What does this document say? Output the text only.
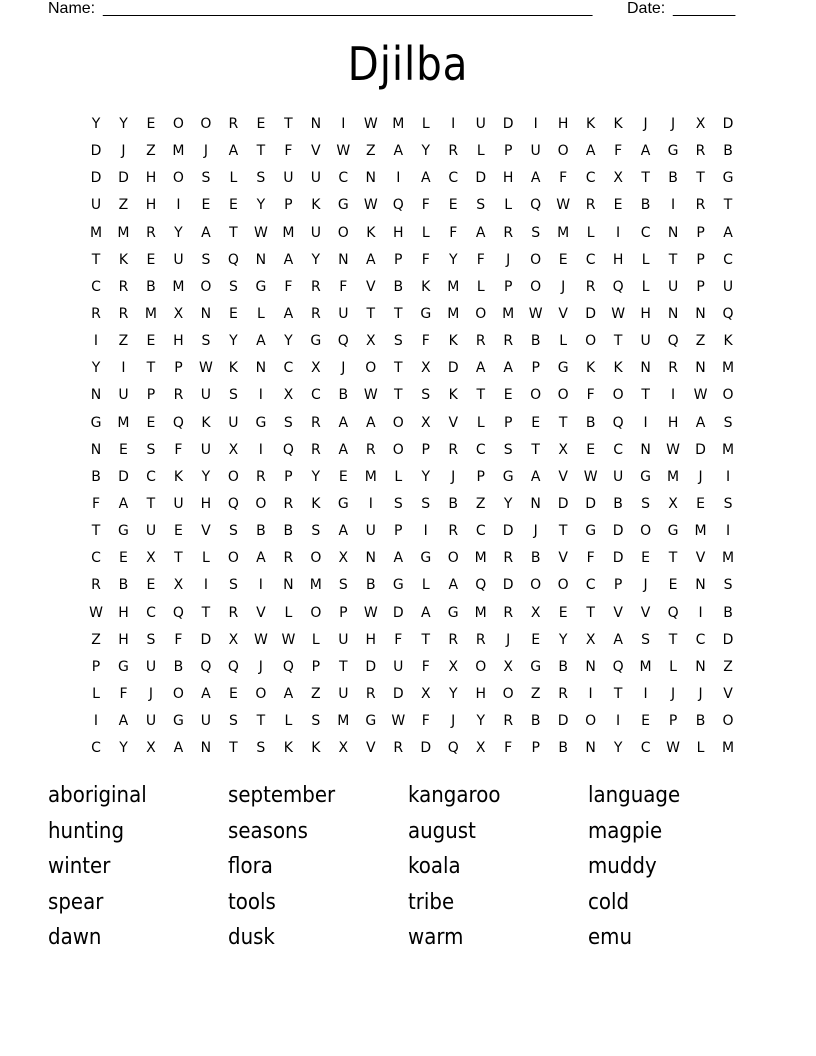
Name: _______________________________________________________ Date: _______
Djilba
Y	Y	E	O	O	R	E	T	N	I	W	M	L	I	U	D	I	H	K	K	J	J	X	D
D	J	Z	M	J	A	T	F	V	W	Z	A	Y	R	L	P	U	O	A	F	A	G	R	B
D	D	H	O	S	L	S	U	U	C	N	I	A	C	D	H	A	F	C	X	T	B	T	G
U	Z	H	I	E	E	Y	P	K	G	W	Q	F	E	S	L	Q	W	R	E	B	I	R	T
M	M	R	Y	A	T	W	M	U	O	K	H	L	F	A	R	S	M	L	I	C	N	P	A
T	K	E	U	S	Q	N	A	Y	N	A	P	F	Y	F	J	O	E	C	H	L	T	P	C
C	R	B	M	O	S	G	F	R	F	V	B	K	M	L	P	O	J	R	Q	L	U	P	U
R	R	M	X	N	E	L	A	R	U	T	T	G	M	O	M	W	V	D	W	H	N	N	Q
I	Z	E	H	S	Y	A	Y	G	Q	X	S	F	K	R	R	B	L	O	T	U	Q	Z	K
Y	I	T	P	W	K	N	C	X	J	O	T	X	D	A	A	P	G	K	K	N	R	N	M
N	U	P	R	U	S	I	X	C	B	W	T	S	K	T	E	O	O	F	O	T	I	W	O
G	M	E	Q	K	U	G	S	R	A	A	O	X	V	L	P	E	T	B	Q	I	H	A	S
N	E	S	F	U	X	I	Q	R	A	R	O	P	R	C	S	T	X	E	C	N	W	D	M
B	D	C	K	Y	O	R	P	Y	E	M	L	Y	J	P	G	A	V	W	U	G	M	J	I
F	A	T	U	H	Q	O	R	K	G	I	S	S	B	Z	Y	N	D	D	B	S	X	E	S
T	G	U	E	V	S	B	B	S	A	U	P	I	R	C	D	J	T	G	D	O	G	M	I
C	E	X	T	L	O	A	R	O	X	N	A	G	O	M	R	B	V	F	D	E	T	V	M
R	B	E	X	I	S	I	N	M	S	B	G	L	A	Q	D	O	O	C	P	J	E	N	S
W	H	C	Q	T	R	V	L	O	P	W	D	A	G	M	R	X	E	T	V	V	Q	I	B
Z	H	S	F	D	X	W W	L	U	H	F	T	R	R	J	E	Y	X	A	S	T	C	D
P	G	U	B	Q	Q	J	Q	P	T	D	U	F	X	O	X	G	B	N	Q	M	L	N	Z
L	F	J	O	A	E	O	A	Z	U	R	D	X	Y	H	O	Z	R	I	T	I	J	J	V
I	A	U	G	U	S	T	L	S	M	G	W	F	J	Y	R	B	D	O	I	E	P	B	O
C	Y	X	A	N	T	S	K	K	X	V	R	D	Q	X	F	P	B	N	Y	C	W	L	M
aboriginal	september	kangaroo	language
hunting	seasons	august	magpie
winter	flora	koala	muddy
spear	tools	tribe	cold
dawn	dusk	warm	emu
